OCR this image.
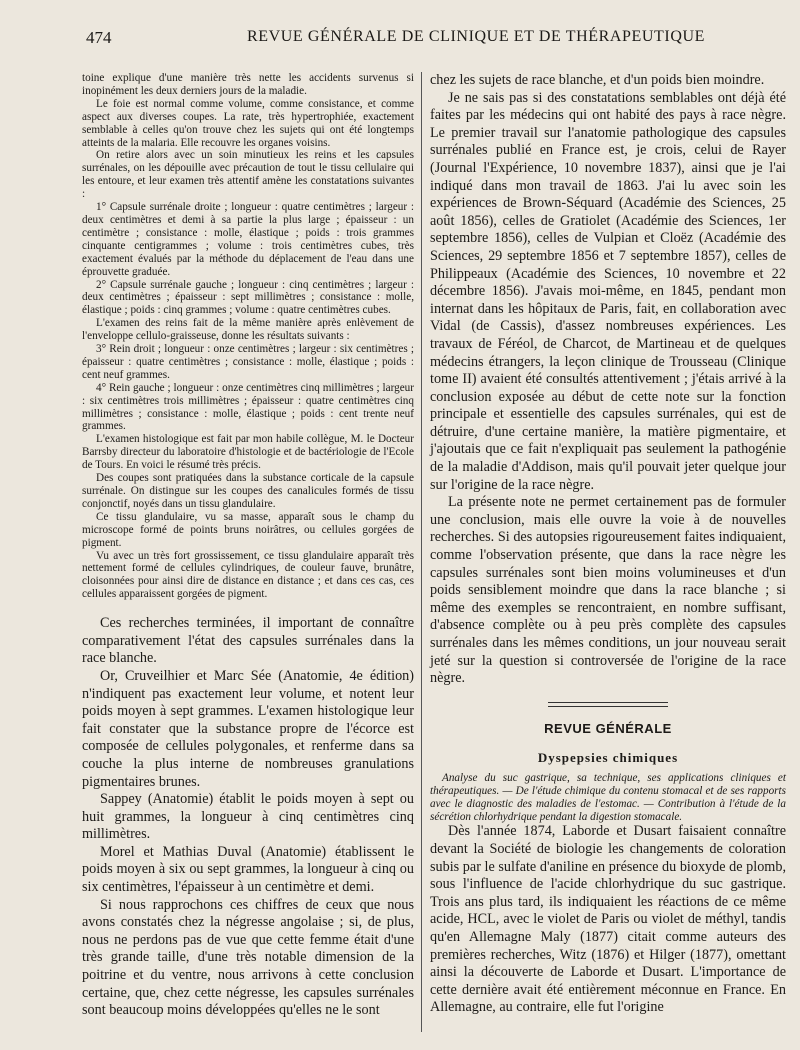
474	REVUE GÉNÉRALE DE CLINIQUE ET DE THÉRAPEUTIQUE

toine explique d'une manière très nette les accidents survenus si inopinément les deux derniers jours de la maladie.

Le foie est normal comme volume, comme consistance, et comme aspect aux diverses coupes. La rate, très hypertrophiée, exactement semblable à celles qu'on trouve chez les sujets qui ont été longtemps atteints de la malaria. Elle recouvre les organes voisins.

On retire alors avec un soin minutieux les reins et les capsules surrénales, on les dépouille avec précaution de tout le tissu cellulaire qui les entoure, et leur examen très attentif amène les constatations suivantes :

1° Capsule surrénale droite ; longueur : quatre centimètres ; largeur : deux centimètres et demi à sa partie la plus large ; épaisseur : un centimètre ; consistance : molle, élastique ; poids : trois grammes cinquante centigrammes ; volume : trois centimètres cubes, très exactement évalués par la méthode du déplacement de l'eau dans une éprouvette graduée.

2° Capsule surrénale gauche ; longueur : cinq centimètres ; largeur : deux centimètres ; épaisseur : sept millimètres ; consistance : molle, élastique ; poids : cinq grammes ; volume : quatre centimètres cubes.

L'examen des reins fait de la même manière après enlèvement de l'enveloppe cellulo-graisseuse, donne les résultats suivants :

3° Rein droit ; longueur : onze centimètres ; largeur : six centimètres ; épaisseur : quatre centimètres ; consistance : molle, élastique ; poids : cent neuf grammes.

4° Rein gauche ; longueur : onze centimètres cinq millimètres ; largeur : six centimètres trois millimètres ; épaisseur : quatre centimètres cinq millimètres ; consistance : molle, élastique ; poids : cent trente neuf grammes.

L'examen histologique est fait par mon habile collègue, M. le Docteur Barrsby directeur du laboratoire d'histologie et de bactériologie de l'Ecole de Tours. En voici le résumé très précis.

Des coupes sont pratiquées dans la substance corticale de la capsule surrénale. On distingue sur les coupes des canalicules formés de tissu conjonctif, noyés dans un tissu glandulaire.

Ce tissu glandulaire, vu sa masse, apparaît sous le champ du microscope formé de points bruns noirâtres, ou cellules gorgées de pigment.

Vu avec un très fort grossissement, ce tissu glandulaire apparaît très nettement formé de cellules cylindriques, de couleur fauve, brunâtre, cloisonnées pour ainsi dire de distance en distance ; et dans ces cas, ces cellules apparaissent gorgées de pigment.

Ces recherches terminées, il important de connaître comparativement l'état des capsules surrénales dans la race blanche.

Or, Cruveilhier et Marc Sée (Anatomie, 4e édition) n'indiquent pas exactement leur volume, et notent leur poids moyen à sept grammes. L'examen histologique leur fait constater que la substance propre de l'écorce est composée de cellules polygonales, et renferme dans sa couche la plus interne de nombreuses granulations pigmentaires brunes.

Sappey (Anatomie) établit le poids moyen à sept ou huit grammes, la longueur à cinq centimètres cinq millimètres.

Morel et Mathias Duval (Anatomie) établissent le poids moyen à six ou sept grammes, la longueur à cinq ou six centimètres, l'épaisseur à un centimètre et demi.

Si nous rapprochons ces chiffres de ceux que nous avons constatés chez la négresse angolaise ; si, de plus, nous ne perdons pas de vue que cette femme était d'une très grande taille, d'une très notable dimension de la poitrine et du ventre, nous arrivons à cette conclusion certaine, que, chez cette négresse, les capsules surrénales sont beaucoup moins développées qu'elles ne le sont

chez les sujets de race blanche, et d'un poids bien moindre.

Je ne sais pas si des constatations semblables ont déjà été faites par les médecins qui ont habité des pays à race nègre. Le premier travail sur l'anatomie pathologique des capsules surrénales publié en France est, je crois, celui de Rayer (Journal l'Expérience, 10 novembre 1837), ainsi que je l'ai indiqué dans mon travail de 1863. J'ai lu avec soin les expériences de Brown-Séquard (Académie des Sciences, 25 août 1856), celles de Gratiolet (Académie des Sciences, 1er septembre 1856), celles de Vulpian et Cloëz (Académie des Sciences, 29 septembre 1856 et 7 septembre 1857), celles de Philippeaux (Académie des Sciences, 10 novembre et 22 décembre 1856). J'avais moi-même, en 1845, pendant mon internat dans les hôpitaux de Paris, fait, en collaboration avec Vidal (de Cassis), d'assez nombreuses expériences. Les travaux de Féréol, de Charcot, de Martineau et de quelques médecins étrangers, la leçon clinique de Trousseau (Clinique tome II) avaient été consultés attentivement ; j'étais arrivé à la conclusion exposée au début de cette note sur la fonction principale et essentielle des capsules surrénales, qui est de détruire, d'une certaine manière, la matière pigmentaire, et j'ajoutais que ce fait n'expliquait pas seulement la pathogénie de la maladie d'Addison, mais qu'il pouvait jeter quelque jour sur l'origine de la race nègre.

La présente note ne permet certainement pas de formuler une conclusion, mais elle ouvre la voie à de nouvelles recherches. Si des autopsies rigoureusement faites indiquaient, comme l'observation présente, que dans la race nègre les capsules surrénales sont bien moins volumineuses et d'un poids sensiblement moindre que dans la race blanche ; si même des exemples se rencontraient, en nombre suffisant, d'absence complète ou à peu près complète des capsules surrénales dans les mêmes conditions, un jour nouveau serait jeté sur la question si controversée de l'origine de la race nègre.

REVUE GÉNÉRALE
Dyspepsies chimiques

Analyse du suc gastrique, sa technique, ses applications cliniques et thérapeutiques. — De l'étude chimique du contenu stomacal et de ses rapports avec le diagnostic des maladies de l'estomac. — Contribution à l'étude de la sécrétion chlorhydrique pendant la digestion stomacale.

Dès l'année 1874, Laborde et Dusart faisaient connaître devant la Société de biologie les changements de coloration subis par le sulfate d'aniline en présence du bioxyde de plomb, sous l'influence de l'acide chlorhydrique du suc gastrique. Trois ans plus tard, ils indiquaient les réactions de ce même acide, HCL, avec le violet de Paris ou violet de méthyl, tandis qu'en Allemagne Maly (1877) citait comme auteurs des premières recherches, Witz (1876) et Hilger (1877), omettant ainsi la découverte de Laborde et Dusart. L'importance de cette dernière avait été entièrement méconnue en France. En Allemagne, au contraire, elle fut l'origine
